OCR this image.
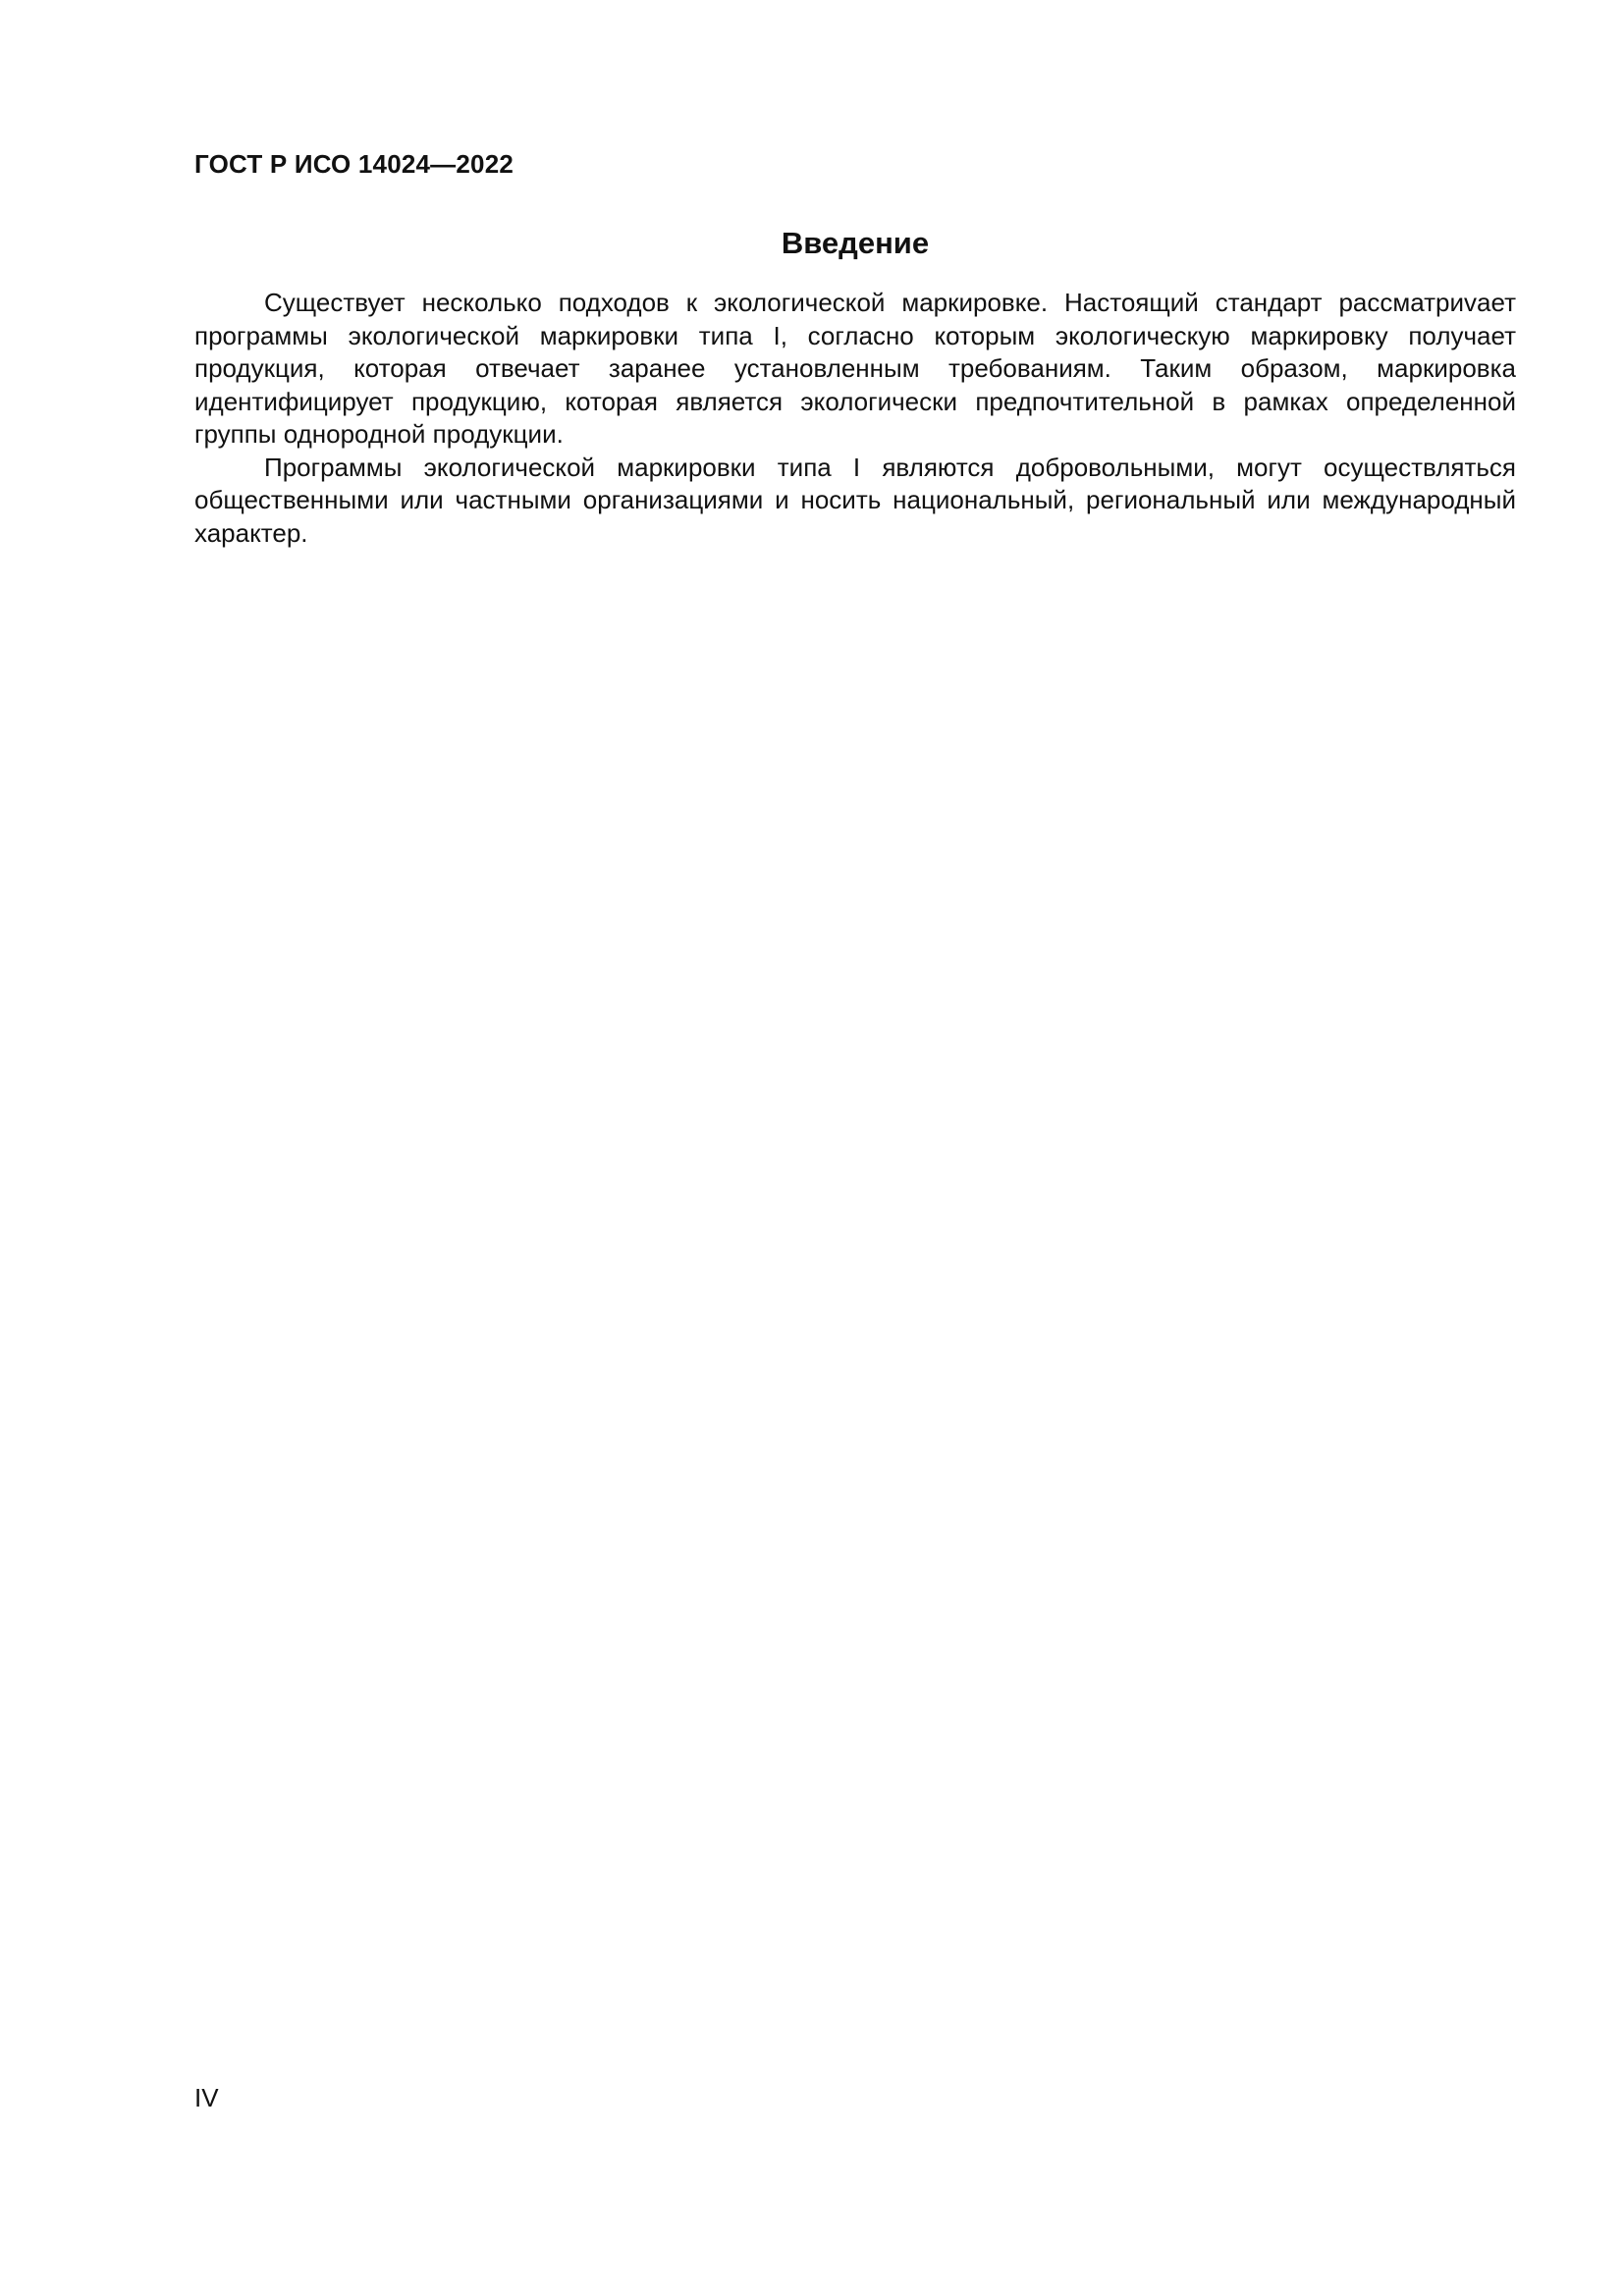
ГОСТ Р ИСО 14024—2022
Введение

Существует несколько подходов к экологической маркировке. Настоящий стандарт рассматриvает программы экологической маркировки типа I, согласно которым экологическую маркировку получает продукция, которая отвечает заранее установленным требованиям. Таким образом, маркировка идентифицирует продукцию, которая является экологически предпочтительной в рамках определенной группы однородной продукции.

Программы экологической маркировки типа I являются добровольными, могут осуществляться общественными или частными организациями и носить национальный, региональный или международный характер.

IV
